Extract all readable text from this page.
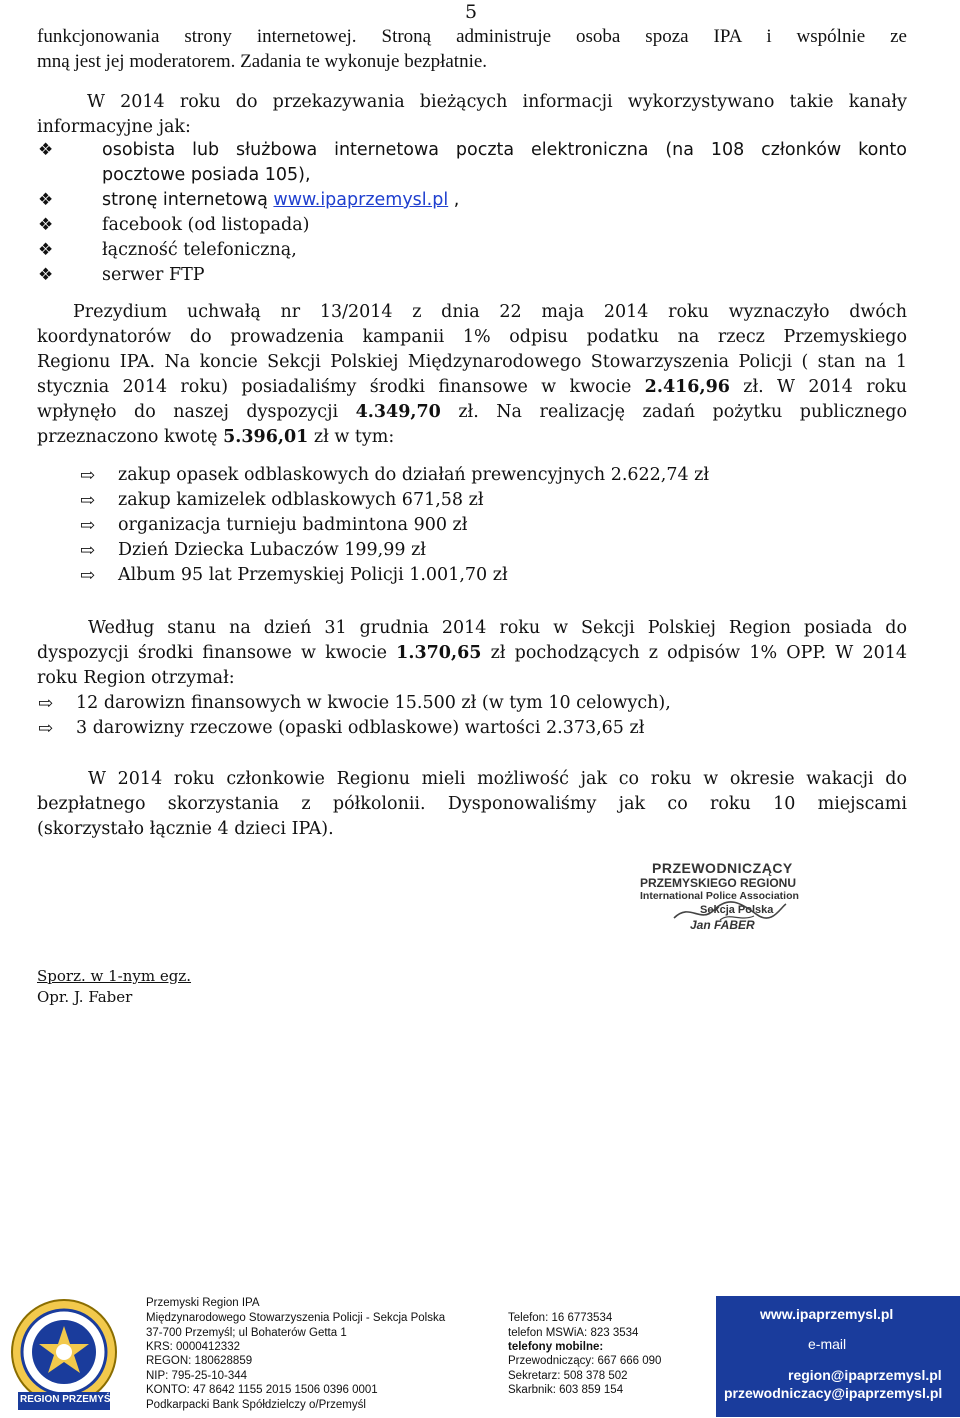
5
funkcjonowania strony internetowej. Stroną administruje osoba spoza IPA i wspólnie ze
mną jest jej moderatorem. Zadania te wykonuje bezpłatnie.
W 2014 roku do przekazywania bieżących informacji wykorzystywano takie kanały
informacyjne jak:
❖	osobista lub służbowa internetowa poczta elektroniczna (na 108 członków konto
pocztowe posiada 105),
❖	stronę internetową www.ipaprzemysl.pl ,
❖	facebook (od listopada)
❖	łączność telefoniczną,
❖	serwer FTP
Prezydium uchwałą nr 13/2014 z dnia 22 maja 2014 roku wyznaczyło dwóch
koordynatorów do prowadzenia kampanii 1% odpisu podatku na rzecz Przemyskiego
Regionu IPA. Na koncie Sekcji Polskiej Międzynarodowego Stowarzyszenia Policji ( stan na 1
stycznia 2014 roku) posiadaliśmy środki finansowe w kwocie 2.416,96 zł. W 2014 roku
wpłynęło do naszej dyspozycji 4.349,70 zł. Na realizację zadań pożytku publicznego
przeznaczono kwotę 5.396,01 zł w tym:
⇨ zakup opasek odblaskowych do działań prewencyjnych 2.622,74 zł
⇨ zakup kamizelek odblaskowych 671,58 zł
⇨ organizacja turnieju badmintona 900 zł
⇨ Dzień Dziecka Lubaczów 199,99 zł
⇨ Album 95 lat Przemyskiej Policji 1.001,70 zł
Według stanu na dzień 31 grudnia 2014 roku w Sekcji Polskiej Region posiada do
dyspozycji środki finansowe w kwocie 1.370,65 zł pochodzących z odpisów 1% OPP. W 2014
roku Region otrzymał:
⇨ 12 darowizn finansowych w kwocie 15.500 zł (w tym 10 celowych),
⇨ 3 darowizny rzeczowe (opaski odblaskowe) wartości 2.373,65 zł
W 2014 roku członkowie Regionu mieli możliwość jak co roku w okresie wakacji do
bezpłatnego skorzystania z półkolonii. Dysponowaliśmy jak co roku 10 miejscami
(skorzystało łącznie 4 dzieci IPA).
PRZEWODNICZĄCY
PRZEMYSKIEGO REGIONU
International Police Association
Sekcja Polska
Jan FABER
Sporz. w 1-nym egz.
Opr. J. Faber
REGION PRZEMYŚL
Przemyski Region IPA
Międzynarodowego Stowarzyszenia Policji - Sekcja Polska
37-700 Przemyśl; ul Bohaterów Getta 1
KRS: 0000412332
REGON: 180628859
NIP: 795-25-10-344
KONTO: 47 8642 1155 2015 1506 0396 0001
Podkarpacki Bank Spółdzielczy o/Przemyśl
Telefon: 16 6773534
telefon MSWiA: 823 3534
telefony mobilne:
Przewodniczący: 667 666 090
Sekretarz: 508 378 502
Skarbnik: 603 859 154
www.ipaprzemysl.pl
e-mail
region@ipaprzemysl.pl
przewodniczacy@ipaprzemysl.pl
